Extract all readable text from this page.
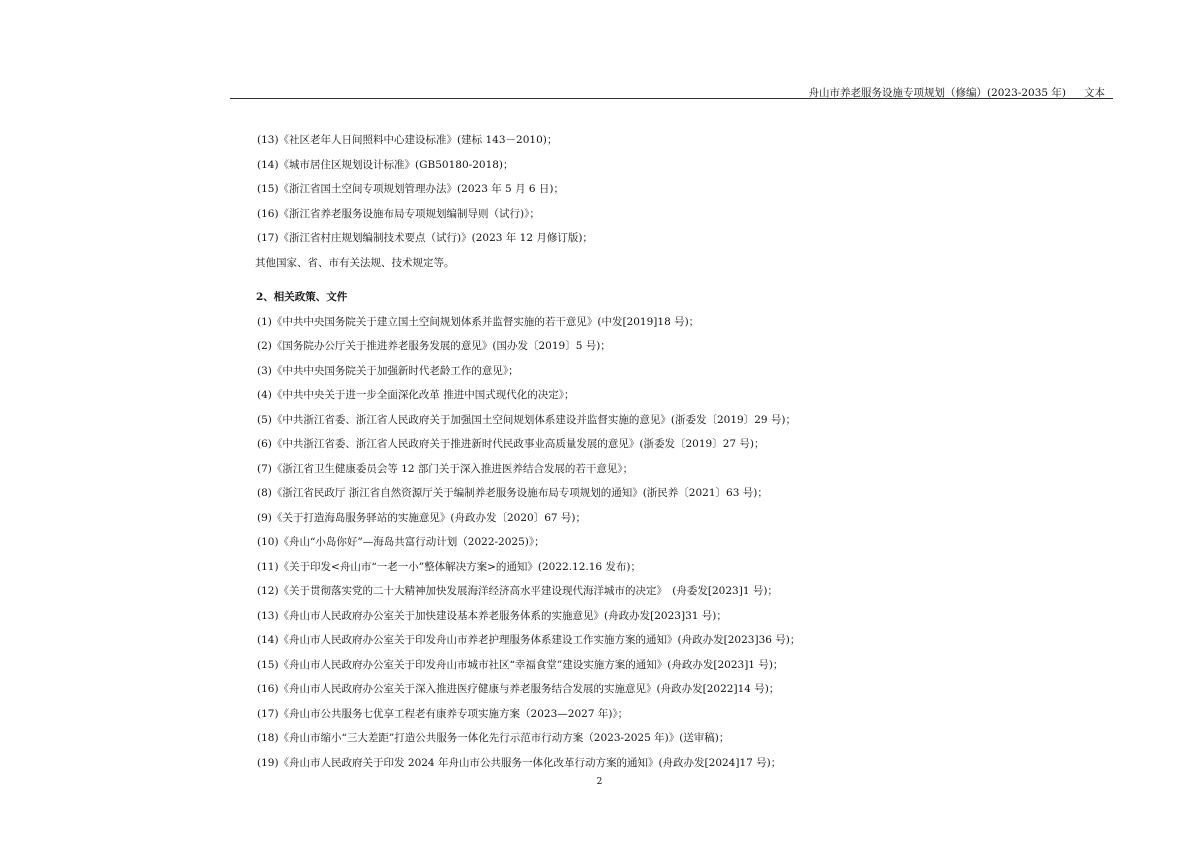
舟山市养老服务设施专项规划（修编）(2023-2035 年) 文本
(13)《社区老年人日间照料中心建设标准》(建标 143－2010)；
(14)《城市居住区规划设计标准》(GB50180-2018)；
(15)《浙江省国土空间专项规划管理办法》(2023 年 5 月 6 日)；
(16)《浙江省养老服务设施布局专项规划编制导则（试行)》；
(17)《浙江省村庄规划编制技术要点（试行)》(2023 年 12 月修订版)；
其他国家、省、市有关法规、技术规定等。
2、相关政策、文件
(1)《中共中央国务院关于建立国土空间规划体系并监督实施的若干意见》(中发[2019]18 号)；
(2)《国务院办公厅关于推进养老服务发展的意见》(国办发〔2019〕5 号)；
(3)《中共中央国务院关于加强新时代老龄工作的意见》；
(4)《中共中央关于进一步全面深化改革 推进中国式现代化的决定》；
(5)《中共浙江省委、浙江省人民政府关于加强国土空间规划体系建设并监督实施的意见》(浙委发〔2019〕29 号)；
(6)《中共浙江省委、浙江省人民政府关于推进新时代民政事业高质量发展的意见》(浙委发〔2019〕27 号)；
(7)《浙江省卫生健康委员会等 12 部门关于深入推进医养结合发展的若干意见》；
(8)《浙江省民政厅 浙江省自然资源厅关于编制养老服务设施布局专项规划的通知》(浙民养〔2021〕63 号)；
(9)《关于打造海岛服务驿站的实施意见》(舟政办发〔2020〕67 号)；
(10)《舟山“小岛你好”—海岛共富行动计划（2022-2025)》；
(11)《关于印发<舟山市“一老一小”整体解决方案>的通知》(2022.12.16 发布)；
(12)《关于贯彻落实党的二十大精神加快发展海洋经济高水平建设现代海洋城市的决定》　(舟委发[2023]1 号)；
(13)《舟山市人民政府办公室关于加快建设基本养老服务体系的实施意见》(舟政办发[2023]31 号)；
(14)《舟山市人民政府办公室关于印发舟山市养老护理服务体系建设工作实施方案的通知》(舟政办发[2023]36 号)；
(15)《舟山市人民政府办公室关于印发舟山市城市社区“幸福食堂”建设实施方案的通知》(舟政办发[2023]1 号)；
(16)《舟山市人民政府办公室关于深入推进医疗健康与养老服务结合发展的实施意见》(舟政办发[2022]14 号)；
(17)《舟山市公共服务七优享工程老有康养专项实施方案（2023—2027 年)》；
(18)《舟山市缩小“三大差距”打造公共服务一体化先行示范市行动方案（2023-2025 年)》(送审稿)；
(19)《舟山市人民政府关于印发 2024 年舟山市公共服务一体化改革行动方案的通知》(舟政办发[2024]17 号)；
2
